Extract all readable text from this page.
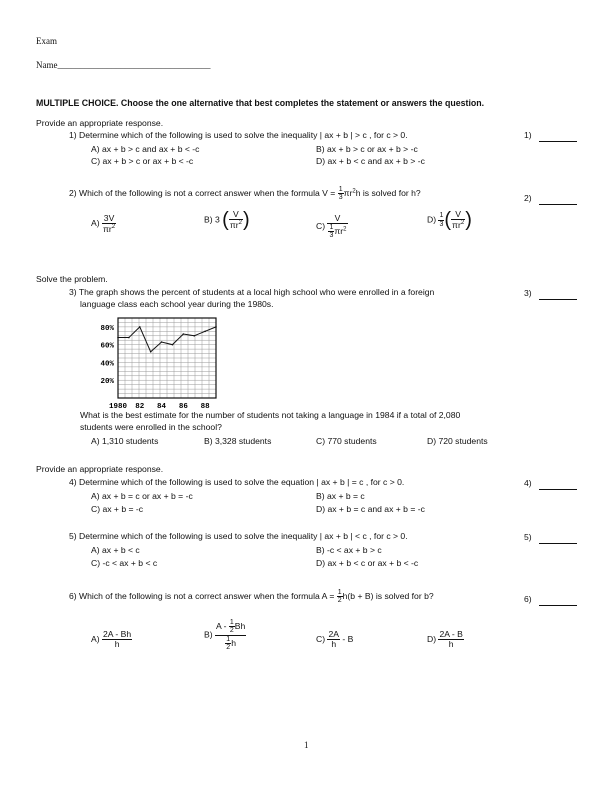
Exam
Name__________________________________
MULTIPLE CHOICE. Choose the one alternative that best completes the statement or answers the question.
Provide an appropriate response.
1) Determine which of the following is used to solve the inequality | ax + b | > c , for c > 0.	1)
A) ax + b > c and ax + b < -c	B) ax + b > c or ax + b > -c
C) ax + b > c or ax + b < -c	D) ax + b < c and ax + b > -c
2) Which of the following is not a correct answer when the formula $V = \frac{1}{3} \pi r^2h$ is solved for h?	2)
$A) \frac{3V}{\pi r^2}$	B) 3 ( $\frac{V}{\pi r^2}$ )	$C) \frac{V}{\frac{1}{3} \pi r^2}$	$D) \frac{1}{3}$ ( $\frac{V}{\pi r^2}$ )
Solve the problem.
3) The graph shows the percent of students at a local high school who were enrolled in a foreign
language class each school year during the 1980s.
3)
80%
60%
40%
20%
1980 82 84 86 88
What is the best estimate for the number of students not taking a language in 1984 if a total of 2,080
students were enrolled in the school?
A) 1,310 students	B) 3,328 students	C) 770 students	D) 720 students
Provide an appropriate response.
4) Determine which of the following is used to solve the equation | ax + b | = c , for c > 0.	4)
A) ax + b = c or ax + b = -c	B) ax + b = c
C) ax + b = -c	D) ax + b = c and ax + b = -c
5) Determine which of the following is used to solve the inequality | ax + b | < c , for c > 0.	5)
A) ax + b < c	B) -c < ax + b > c
C) -c < ax + b < c	D) ax + b < c or ax + b < -c
6) Which of the following is not a correct answer when the formula $A = \frac{1}{2} h(b + B)$ is solved for b?	6)
$A) \frac{2A - Bh}{h}$	$B) \frac{A - \frac{1}{2} Bh}{\frac{1}{2} h}$	$C) \frac{2A}{h}$ - B	$D) \frac{2A - B}{h}$
1
